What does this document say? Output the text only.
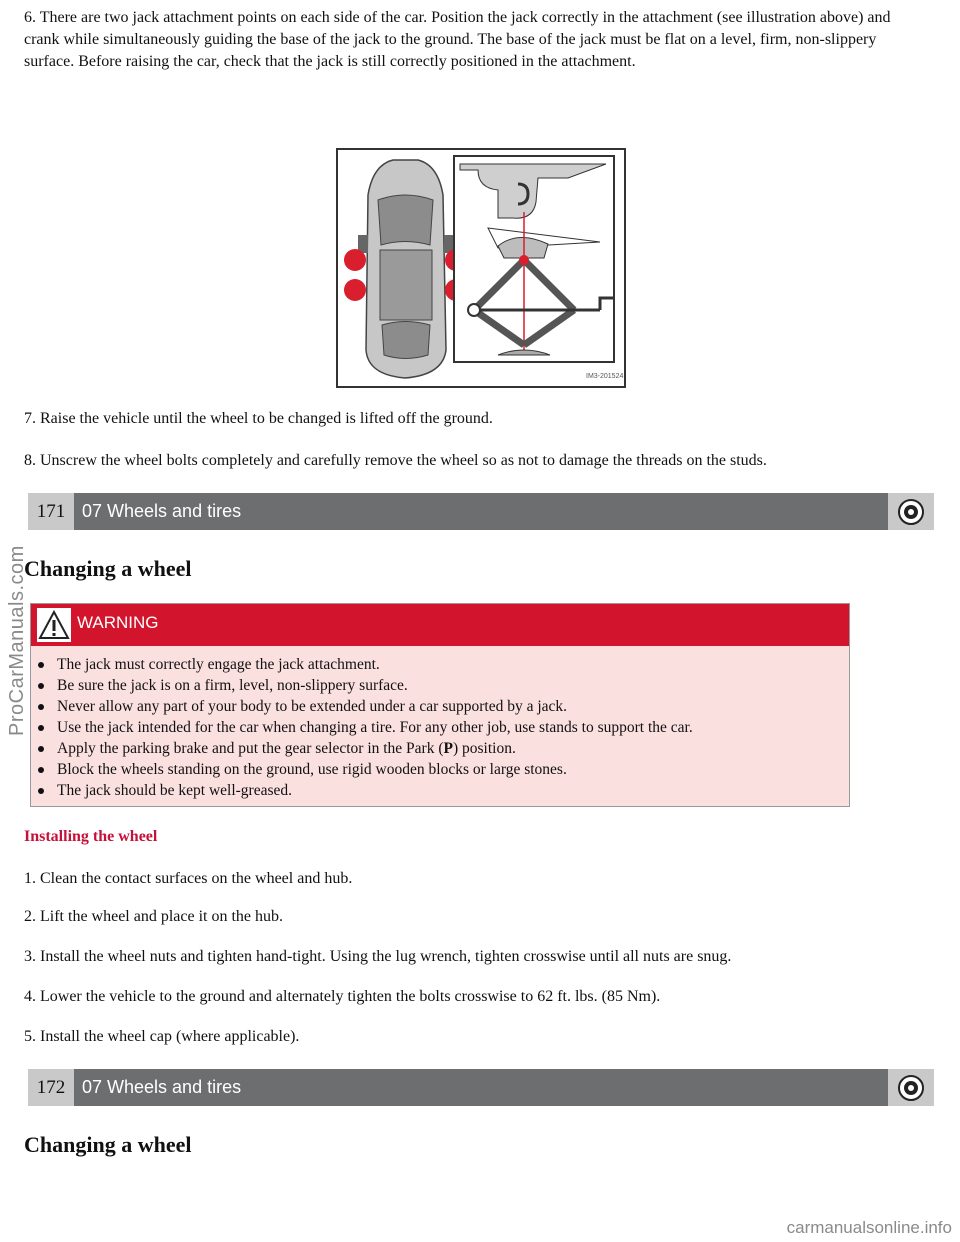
6. There are two jack attachment points on each side of the car. Position the jack correctly in the attachment (see illustration above) and crank while simultaneously guiding the base of the jack to the ground. The base of the jack must be flat on a level, firm, non-slippery surface. Before raising the car, check that the jack is still correctly positioned in the attachment.

IM3-201524

7. Raise the vehicle until the wheel to be changed is lifted off the ground.

8. Unscrew the wheel bolts completely and carefully remove the wheel so as not to damage the threads on the studs.

171 07 Wheels and tires
Changing a wheel
WARNING
The jack must correctly engage the jack attachment.
Be sure the jack is on a firm, level, non-slippery surface.
Never allow any part of your body to be extended under a car supported by a jack.
Use the jack intended for the car when changing a tire. For any other job, use stands to support the car.
Apply the parking brake and put the gear selector in the Park (P) position.
Block the wheels standing on the ground, use rigid wooden blocks or large stones.
The jack should be kept well-greased.
Installing the wheel

1. Clean the contact surfaces on the wheel and hub.

2. Lift the wheel and place it on the hub.

3. Install the wheel nuts and tighten hand-tight. Using the lug wrench, tighten crosswise until all nuts are snug.

4. Lower the vehicle to the ground and alternately tighten the bolts crosswise to 62 ft. lbs. (85 Nm).

5. Install the wheel cap (where applicable).

172 07 Wheels and tires
Changing a wheel
ProCarManuals.com
carmanualsonline.info
